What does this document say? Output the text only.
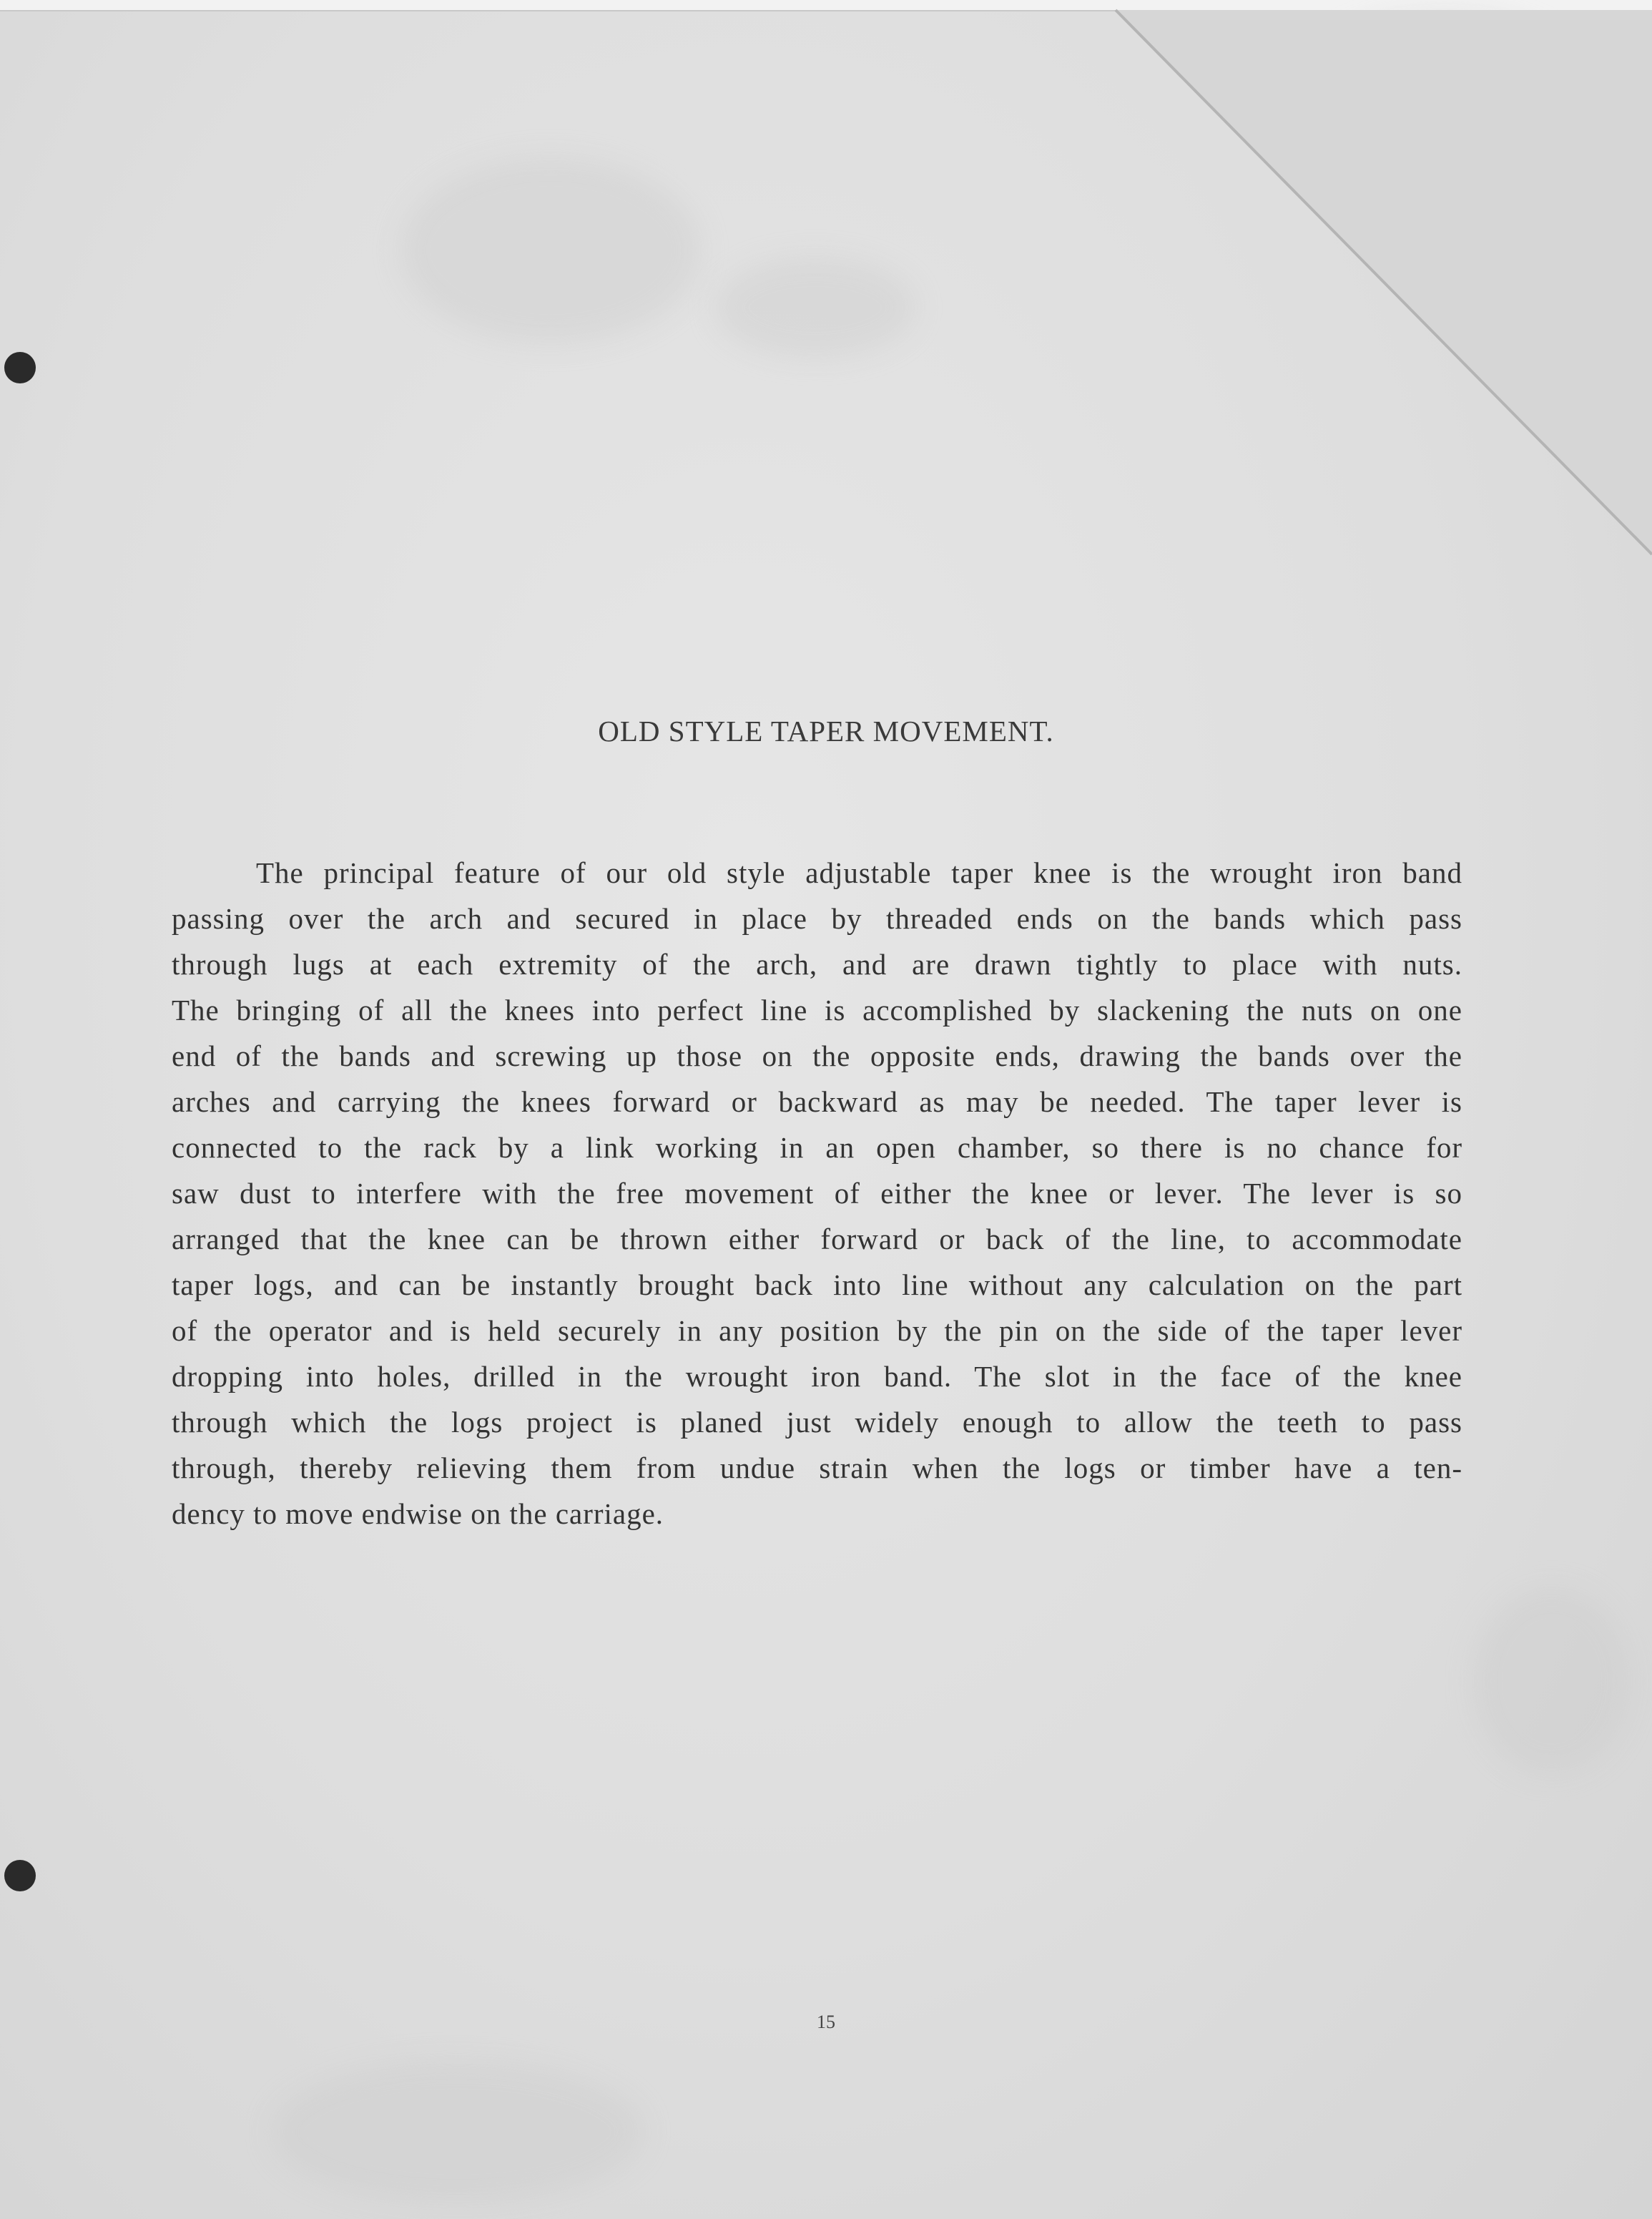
OLD STYLE TAPER MOVEMENT.
The principal feature of our old style adjustable taper knee is the wrought iron band
passing over the arch and secured in place by threaded ends on the bands which pass
through lugs at each extremity of the arch, and are drawn tightly to place with nuts.
The bringing of all the knees into perfect line is accomplished by slackening the nuts on one
end of the bands and screwing up those on the opposite ends, drawing the bands over the
arches and carrying the knees forward or backward as may be needed. The taper lever is
connected to the rack by a link working in an open chamber, so there is no chance for
saw dust to interfere with the free movement of either the knee or lever. The lever is so
arranged that the knee can be thrown either forward or back of the line, to accommodate
taper logs, and can be instantly brought back into line without any calculation on the part
of the operator and is held securely in any position by the pin on the side of the taper lever
dropping into holes, drilled in the wrought iron band. The slot in the face of the knee
through which the logs project is planed just widely enough to allow the teeth to pass
through, thereby relieving them from undue strain when the logs or timber have a ten-
dency to move endwise on the carriage.
15
